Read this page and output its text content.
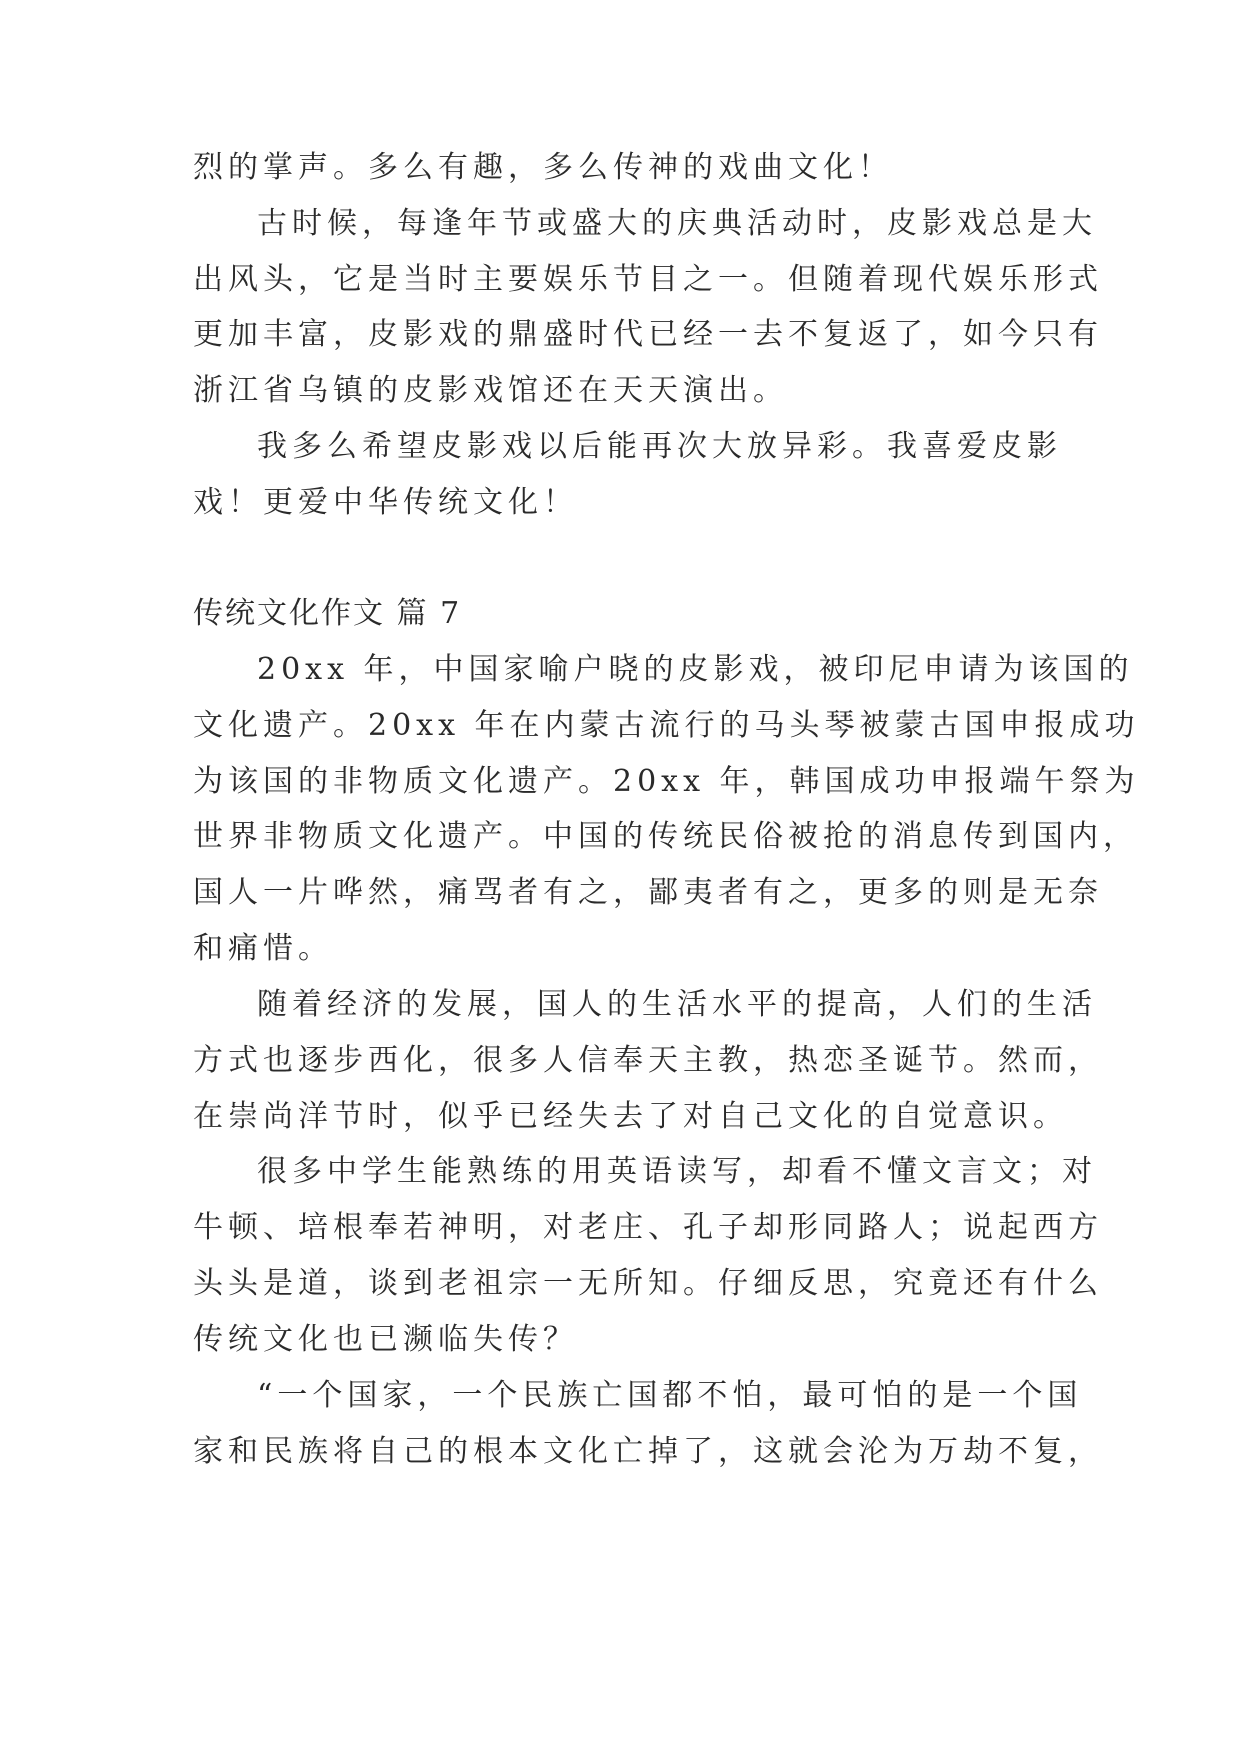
烈的掌声。多么有趣，多么传神的戏曲文化！
古时候，每逢年节或盛大的庆典活动时，皮影戏总是大
出风头，它是当时主要娱乐节目之一。但随着现代娱乐形式
更加丰富，皮影戏的鼎盛时代已经一去不复返了，如今只有
浙江省乌镇的皮影戏馆还在天天演出。
我多么希望皮影戏以后能再次大放异彩。我喜爱皮影
戏！更爱中华传统文化！
传统文化作文 篇 7
20xx 年，中国家喻户晓的皮影戏，被印尼申请为该国的
文化遗产。20xx 年在内蒙古流行的马头琴被蒙古国申报成功
为该国的非物质文化遗产。20xx 年，韩国成功申报端午祭为
世界非物质文化遗产。中国的传统民俗被抢的消息传到国内，
国人一片哗然，痛骂者有之，鄙夷者有之，更多的则是无奈
和痛惜。
随着经济的发展，国人的生活水平的提高，人们的生活
方式也逐步西化，很多人信奉天主教，热恋圣诞节。然而，
在崇尚洋节时，似乎已经失去了对自己文化的自觉意识。
很多中学生能熟练的用英语读写，却看不懂文言文；对
牛顿、培根奉若神明，对老庄、孔子却形同路人；说起西方
头头是道，谈到老祖宗一无所知。仔细反思，究竟还有什么
传统文化也已濒临失传？
“一个国家，一个民族亡国都不怕，最可怕的是一个国
家和民族将自己的根本文化亡掉了，这就会沦为万劫不复，
